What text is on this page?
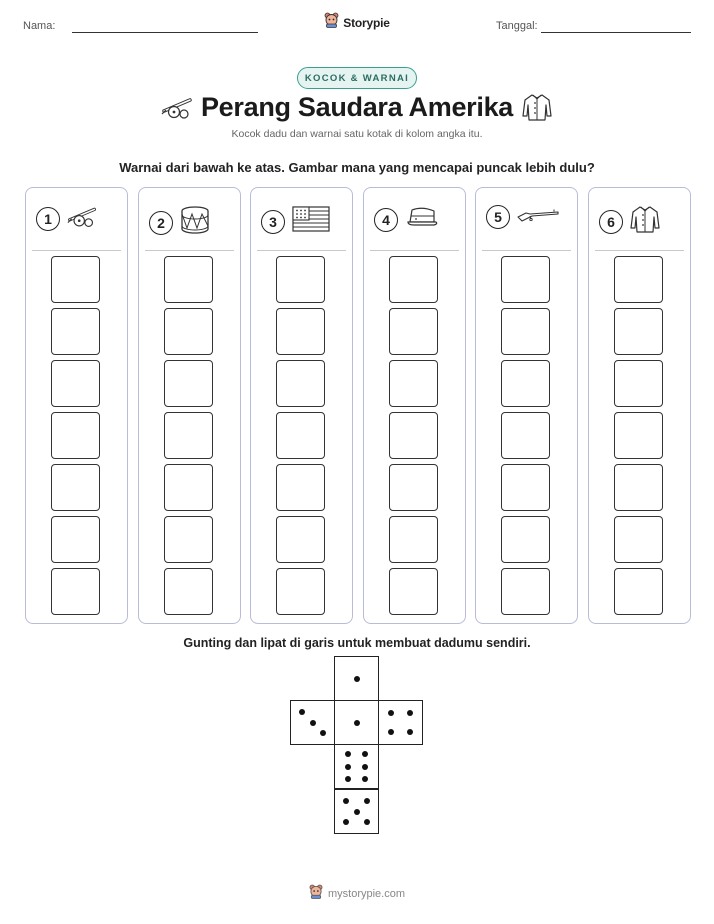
Nama:	Tanggal:
Storypie
KOCOK & WARNAI
Perang Saudara Amerika
Kocok dadu dan warnai satu kotak di kolom angka itu.
Warnai dari bawah ke atas. Gambar mana yang mencapai puncak lebih dulu?
1	2	3	4	5	6
Gunting dan lipat di garis untuk membuat dadumu sendiri.
mystorypie.com
